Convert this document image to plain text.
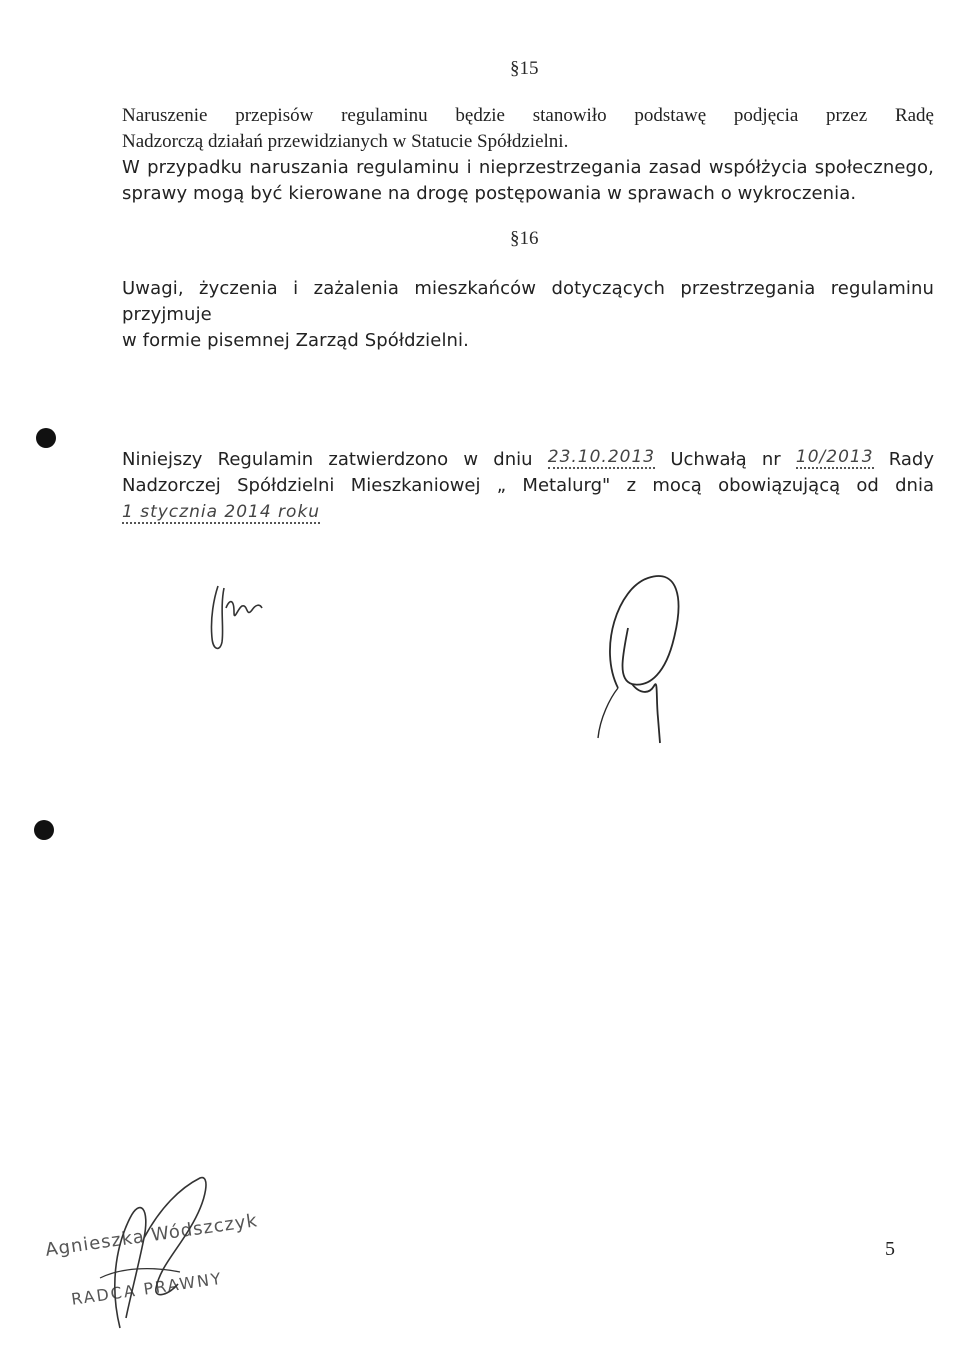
§15
Naruszenie przepisów regulaminu będzie stanowiło podstawę podjęcia przez Radę
Nadzorczą działań przewidzianych w Statucie Spółdzielni.
W przypadku naruszania regulaminu i nieprzestrzegania zasad współżycia społecznego,
sprawy mogą być kierowane na drogę postępowania w sprawach o wykroczenia.
§16
Uwagi, życzenia i zażalenia mieszkańców dotyczących przestrzegania regulaminu przyjmuje
w formie pisemnej Zarząd Spółdzielni.
Niniejszy Regulamin zatwierdzono w dniu 23.10.2013 Uchwałą nr 10/2013 Rady
Nadzorczej Spółdzielni Mieszkaniowej „ Metalurg" z mocą obowiązującą od dnia
1 stycznia 2014 roku
Agnieszka Wódszczyk
RADCA PRAWNY
5
